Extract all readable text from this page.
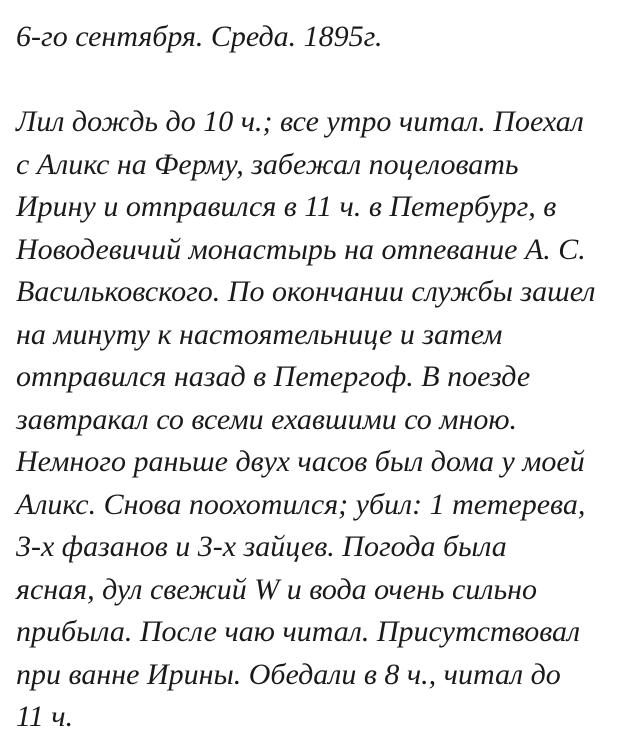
6-го сентября. Среда. 1895г.

Лил дождь до 10 ч.; все утро читал. Поехал
с Аликс на Ферму, забежал поцеловать
Ирину и отправился в 11 ч. в Петербург, в
Новодевичий монастырь на отпевание А. С.
Васильковского. По окончании службы зашел
на минуту к настоятельнице и затем
отправился назад в Петергоф. В поезде
завтракал со всеми ехавшими со мною.
Немного раньше двух часов был дома у моей
Аликс. Снова поохотился; убил: 1 тетерева,
3-х фазанов и 3-х зайцев. Погода была
ясная, дул свежий W и вода очень сильно
прибыла. После чаю читал. Присутствовал
при ванне Ирины. Обедали в 8 ч., читал до
11 ч.
